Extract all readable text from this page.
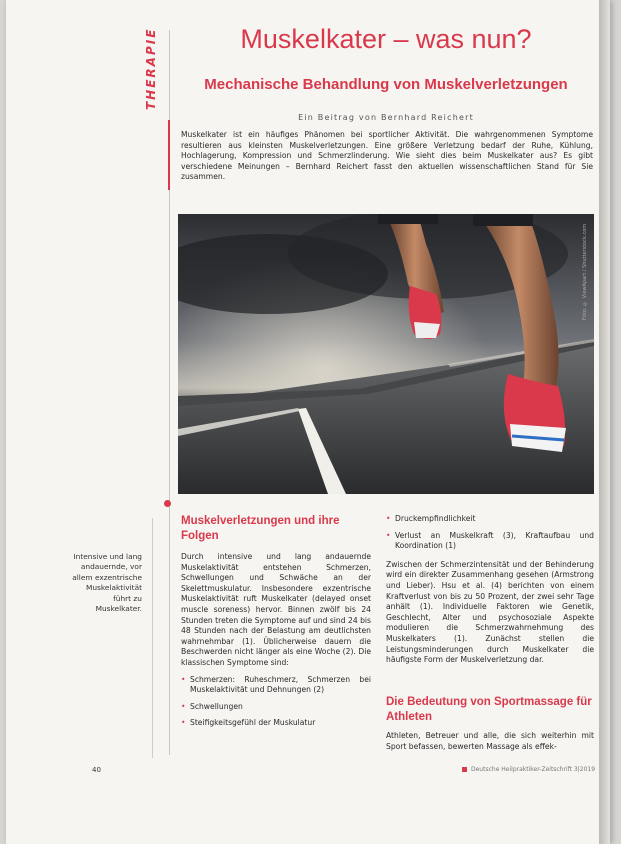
THERAPIE	Muskelkater – was nun?
Mechanische Behandlung von Muskelverletzungen
Ein Beitrag von Bernhard Reichert

Muskelkater ist ein häufiges Phänomen bei sportlicher Aktivität. Die wahrgenommenen Symptome resultieren aus kleinsten Muskelverletzungen. Eine größere Verletzung bedarf der Ruhe, Kühlung, Hochlagerung, Kompression und Schmerzlinderung. Wie sieht dies beim Muskelkater aus? Es gibt verschiedene Meinungen – Bernhard Reichert fasst den aktuellen wissenschaftlichen Stand für Sie zusammen.

Foto: © ViewApart / Shutterstock.com

Intensive und lang andauernde, vor allem exzentrische Muskelaktivität führt zu Muskelkater.

Muskelverletzungen und ihre Folgen

Durch intensive und lang andauernde Muskelaktivität entstehen Schmerzen, Schwellungen und Schwäche an der Skelettmuskulatur. Insbesondere exzentrische Muskelaktivität ruft Muskelkater (delayed onset muscle soreness) hervor. Binnen zwölf bis 24 Stunden treten die Symptome auf und sind 24 bis 48 Stunden nach der Belastung am deutlichsten wahrnehmbar (1). Üblicherweise dauern die Beschwerden nicht länger als eine Woche (2). Die klassischen Symptome sind:

• Schmerzen: Ruheschmerz, Schmerzen bei Muskelaktivität und Dehnungen (2)
• Schwellungen
• Steifigkeitsgefühl der Muskulatur
• Druckempfindlichkeit
• Verlust an Muskelkraft (3), Kraftaufbau und Koordination (1)

Zwischen der Schmerzintensität und der Behinderung wird ein direkter Zusammenhang gesehen (Armstrong und Lieber). Hsu et al. (4) berichten von einem Kraftverlust von bis zu 50 Prozent, der zwei sehr Tage anhält (1). Individuelle Faktoren wie Genetik, Geschlecht, Alter und psychosoziale Aspekte modulieren die Schmerzwahrnehmung des Muskelkaters (1). Zunächst stellen die Leistungsminderungen durch Muskelkater die häufigste Form der Muskelverletzung dar.

Die Bedeutung von Sportmassage für Athleten

Athleten, Betreuer und alle, die sich weiterhin mit Sport befassen, bewerten Massage als effek-

40	Deutsche Heilpraktiker-Zeitschrift 3|2019
